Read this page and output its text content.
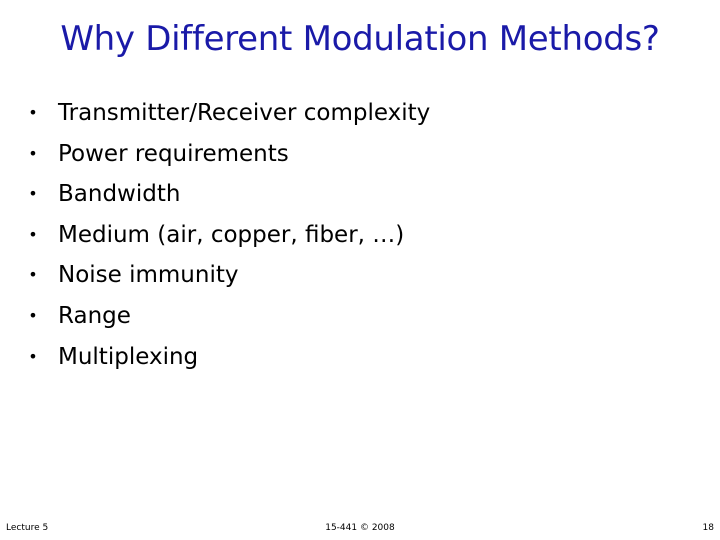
Why Different Modulation Methods?
• Transmitter/Receiver complexity
• Power requirements
• Bandwidth
• Medium (air, copper, fiber, …)
• Noise immunity
• Range
• Multiplexing
Lecture 5	15-441 © 2008	18
